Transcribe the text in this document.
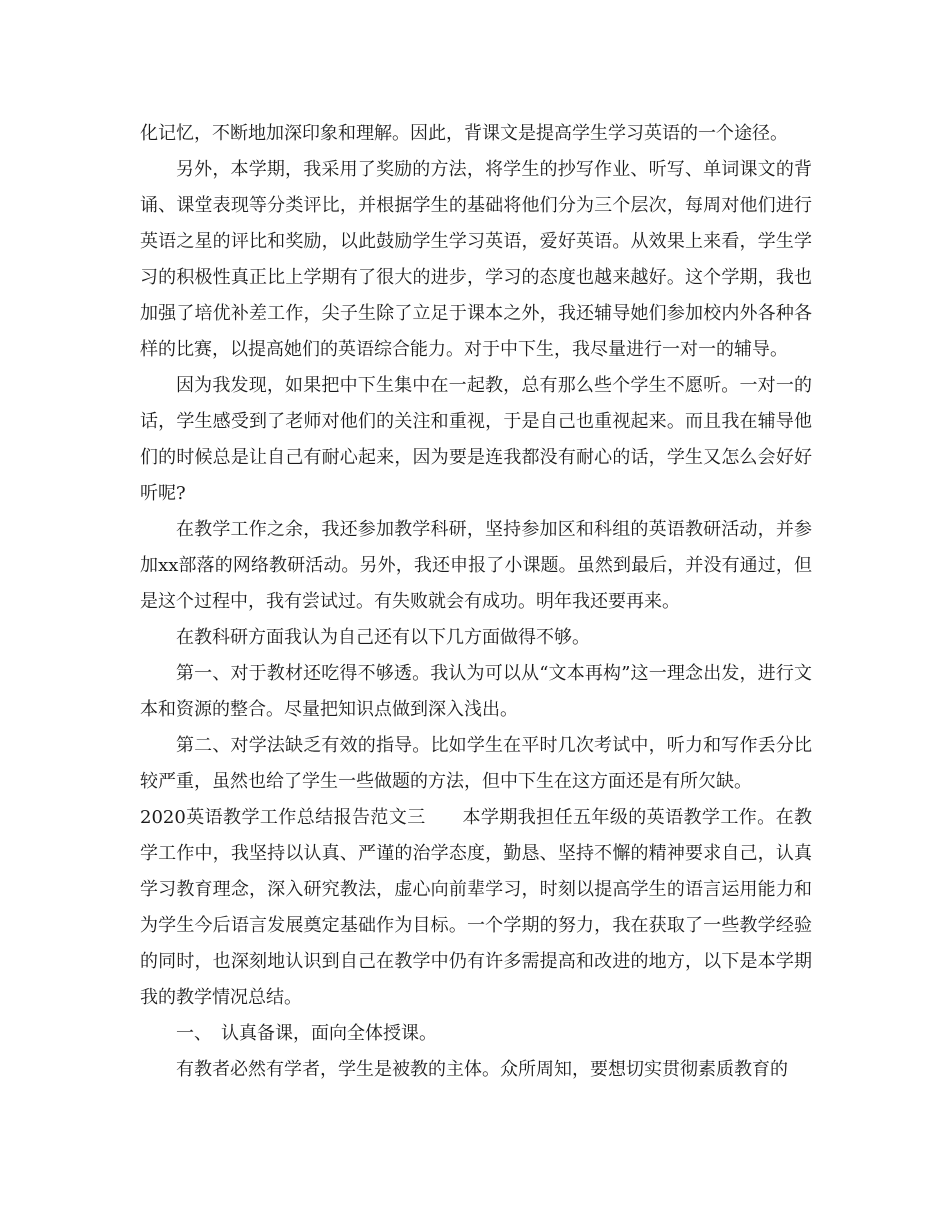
化记忆，不断地加深印象和理解。因此，背课文是提高学生学习英语的一个途径。

另外，本学期，我采用了奖励的方法，将学生的抄写作业、听写、单词课文的背诵、课堂表现等分类评比，并根据学生的基础将他们分为三个层次，每周对他们进行英语之星的评比和奖励，以此鼓励学生学习英语，爱好英语。从效果上来看，学生学习的积极性真正比上学期有了很大的进步，学习的态度也越来越好。这个学期，我也加强了培优补差工作，尖子生除了立足于课本之外，我还辅导她们参加校内外各种各样的比赛，以提高她们的英语综合能力。对于中下生，我尽量进行一对一的辅导。

因为我发现，如果把中下生集中在一起教，总有那么些个学生不愿听。一对一的话，学生感受到了老师对他们的关注和重视，于是自己也重视起来。而且我在辅导他们的时候总是让自己有耐心起来，因为要是连我都没有耐心的话，学生又怎么会好好听呢?

在教学工作之余，我还参加教学科研，坚持参加区和科组的英语教研活动，并参加xx部落的网络教研活动。另外，我还申报了小课题。虽然到最后，并没有通过，但是这个过程中，我有尝试过。有失败就会有成功。明年我还要再来。

在教科研方面我认为自己还有以下几方面做得不够。

第一、对于教材还吃得不够透。我认为可以从“文本再构”这一理念出发，进行文本和资源的整合。尽量把知识点做到深入浅出。

第二、对学法缺乏有效的指导。比如学生在平时几次考试中，听力和写作丢分比较严重，虽然也给了学生一些做题的方法，但中下生在这方面还是有所欠缺。

2020英语教学工作总结报告范文三　　本学期我担任五年级的英语教学工作。在教学工作中，我坚持以认真、严谨的治学态度，勤恳、坚持不懈的精神要求自己，认真学习教育理念，深入研究教法，虚心向前辈学习，时刻以提高学生的语言运用能力和为学生今后语言发展奠定基础作为目标。一个学期的努力，我在获取了一些教学经验的同时，也深刻地认识到自己在教学中仍有许多需提高和改进的地方，以下是本学期我的教学情况总结。

一、　认真备课，面向全体授课。

有教者必然有学者，学生是被教的主体。众所周知，要想切实贯彻素质教育的
